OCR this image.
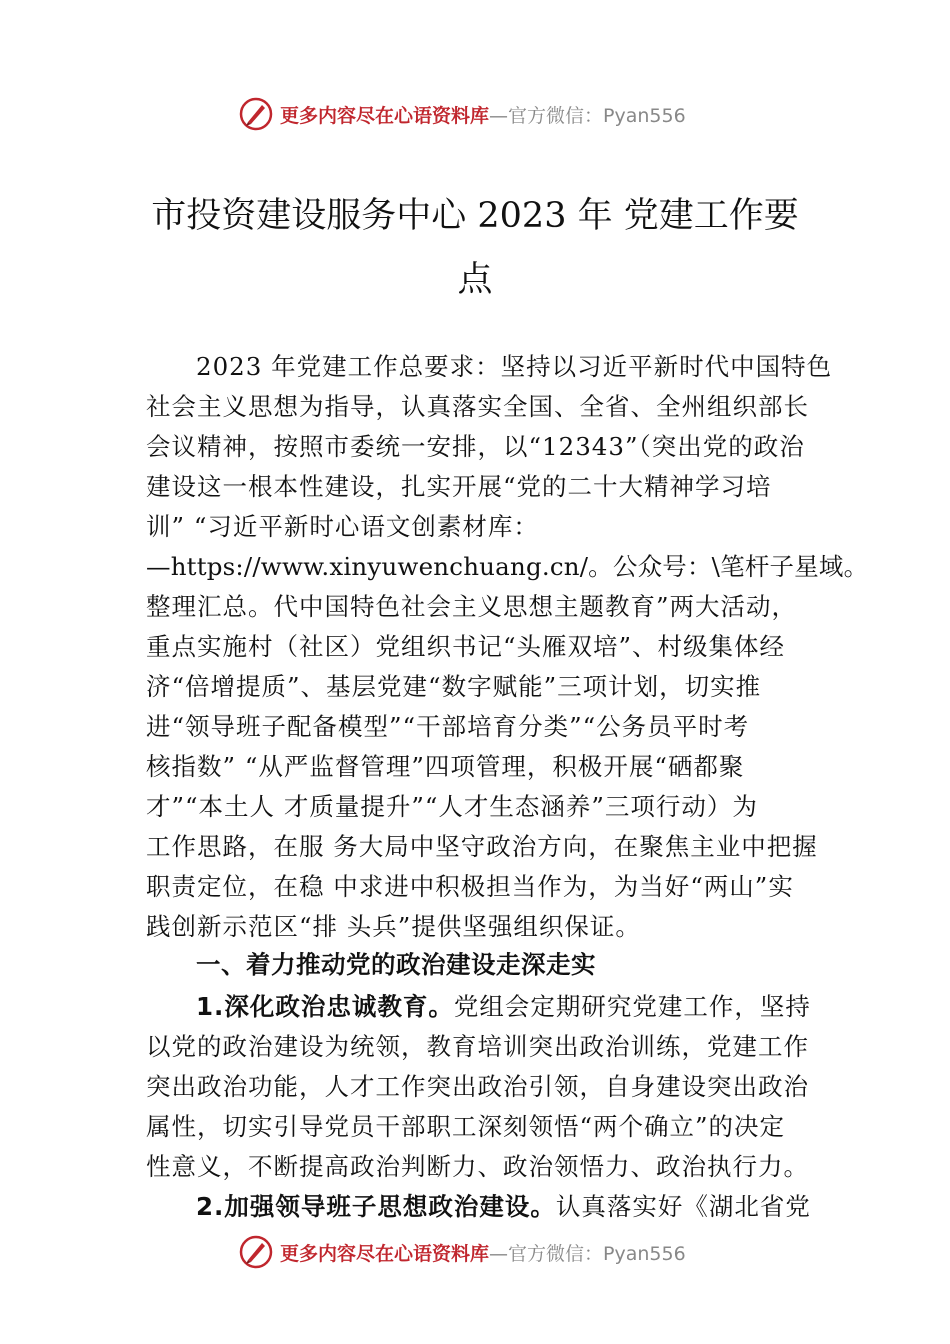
更多内容尽在心语资料库—官方微信：Pyan556
市投资建设服务中心 2023 年 党建工作要
点
2023 年党建工作总要求：坚持以习近平新时代中国特色
社会主义思想为指导，认真落实全国、全省、全州组织部长
会议精神，按照市委统一安排，以“12343”（突出党的政治
建设这一根本性建设，扎实开展“党的二十大精神学习培
训” “习近平新时心语文创素材库：
—https://www.xinyuwenchuang.cn/。公众号：\笔杆子星域。
整理汇总。代中国特色社会主义思想主题教育”两大活动，
重点实施村（社区）党组织书记“头雁双培”、村级集体经
济“倍增提质”、基层党建“数字赋能”三项计划，切实推
进“领导班子配备模型”“干部培育分类”“公务员平时考
核指数” “从严监督管理”四项管理，积极开展“硒都聚
才”“本土人 才质量提升”“人才生态涵养”三项行动）为
工作思路，在服 务大局中坚守政治方向，在聚焦主业中把握
职责定位，在稳 中求进中积极担当作为，为当好“两山”实
践创新示范区“排 头兵”提供坚强组织保证。
一、着力推动党的政治建设走深走实
1.深化政治忠诚教育。党组会定期研究党建工作，坚持
以党的政治建设为统领，教育培训突出政治训练，党建工作
突出政治功能，人才工作突出政治引领，自身建设突出政治
属性，切实引导党员干部职工深刻领悟“两个确立”的决定
性意义，不断提高政治判断力、政治领悟力、政治执行力。
2.加强领导班子思想政治建设。认真落实好《湖北省党
更多内容尽在心语资料库—官方微信：Pyan556
